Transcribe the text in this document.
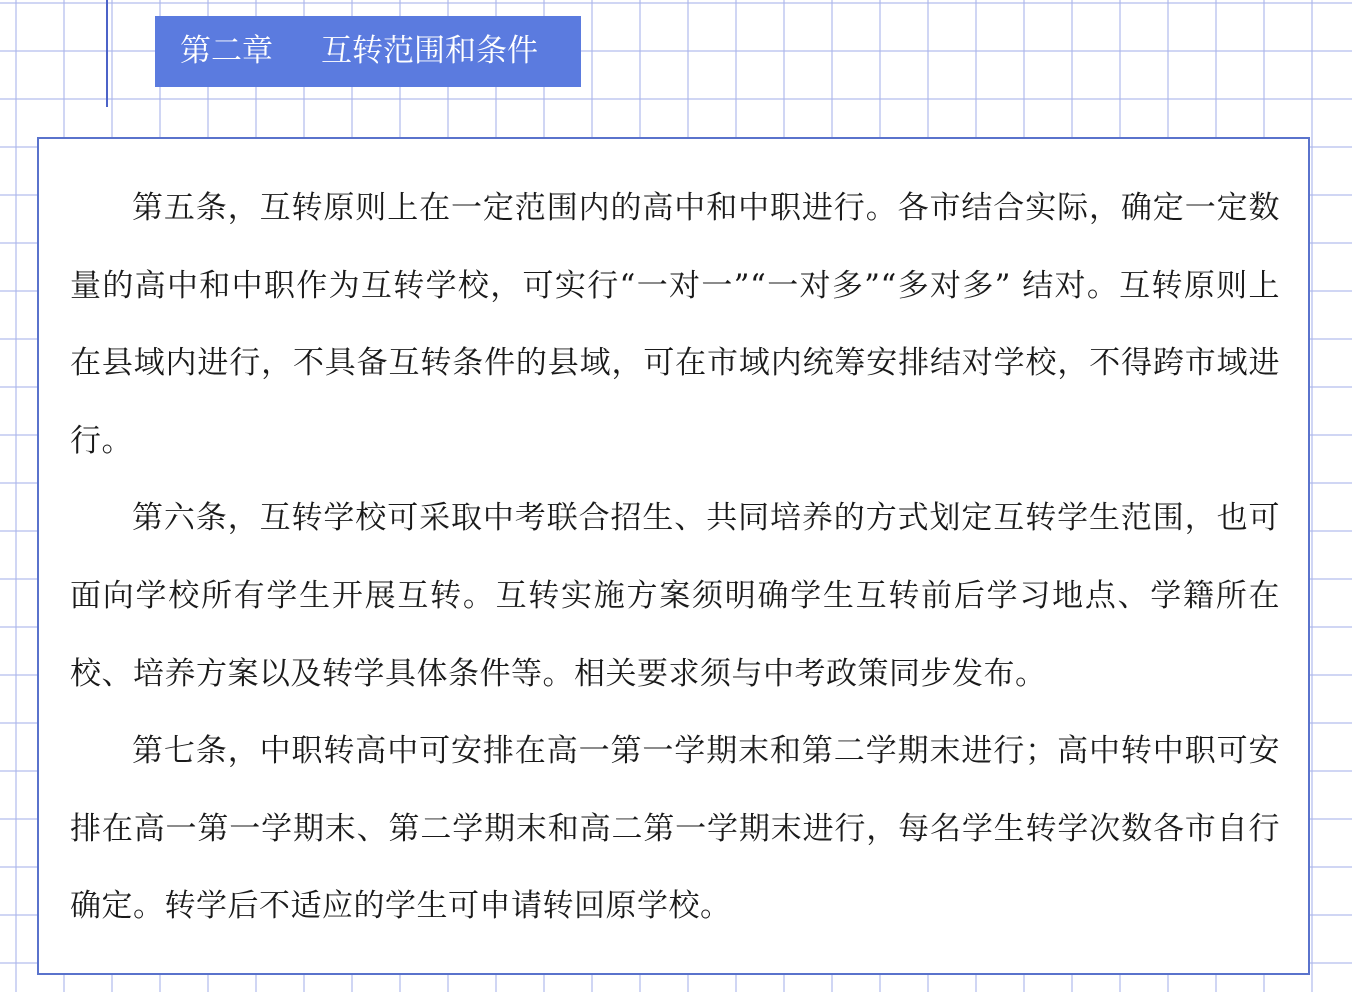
第二章 互转范围和条件

第五条，互转原则上在一定范围内的高中和中职进行。各市结合实际，确定一定数量的高中和中职作为互转学校，可实行“一对一”“一对多”“多对多” 结对。互转原则上在县域内进行，不具备互转条件的县域，可在市域内统筹安排结对学校，不得跨市域进行。

第六条，互转学校可采取中考联合招生、共同培养的方式划定互转学生范围，也可面向学校所有学生开展互转。互转实施方案须明确学生互转前后学习地点、学籍所在校、培养方案以及转学具体条件等。相关要求须与中考政策同步发布。

第七条，中职转高中可安排在高一第一学期末和第二学期末进行；高中转中职可安排在高一第一学期末、第二学期末和高二第一学期末进行，每名学生转学次数各市自行确定。转学后不适应的学生可申请转回原学校。
